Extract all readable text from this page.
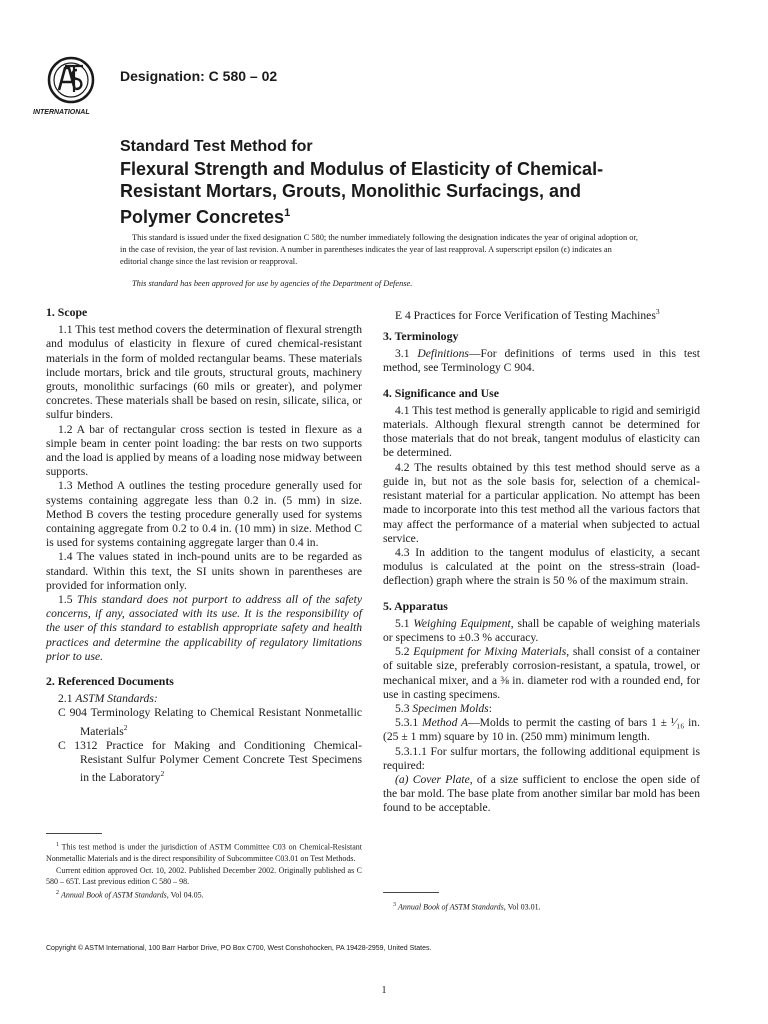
INTERNATIONAL
Designation: C 580 – 02
Standard Test Method for
Flexural Strength and Modulus of Elasticity of Chemical-
Resistant Mortars, Grouts, Monolithic Surfacings, and
Polymer Concretes$^1$

This standard is issued under the fixed designation C 580; the number immediately following the designation indicates the year of original adoption or, in the case of revision, the year of last revision. A number in parentheses indicates the year of last reapproval. A superscript epsilon (ϵ) indicates an editorial change since the last revision or reapproval.

This standard has been approved for use by agencies of the Department of Defense.

1. Scope

1.1 This test method covers the determination of flexural strength and modulus of elasticity in flexure of cured chemical-resistant materials in the form of molded rectangular beams. These materials include mortars, brick and tile grouts, structural grouts, machinery grouts, monolithic surfacings (60 mils or greater), and polymer concretes. These materials shall be based on resin, silicate, silica, or sulfur binders.

1.2 A bar of rectangular cross section is tested in flexure as a simple beam in center point loading: the bar rests on two supports and the load is applied by means of a loading nose midway between supports.

1.3 Method A outlines the testing procedure generally used for systems containing aggregate less than 0.2 in. (5 mm) in size. Method B covers the testing procedure generally used for systems containing aggregate from 0.2 to 0.4 in. (10 mm) in size. Method C is used for systems containing aggregate larger than 0.4 in.

1.4 The values stated in inch-pound units are to be regarded as standard. Within this text, the SI units shown in parentheses are provided for information only.

1.5 This standard does not purport to address all of the safety concerns, if any, associated with its use. It is the responsibility of the user of this standard to establish appropriate safety and health practices and determine the applicability of regulatory limitations prior to use.

2. Referenced Documents

2.1 ASTM Standards:

C 904 Terminology Relating to Chemical Resistant Nonmetallic Materials$^2$

C 1312 Practice for Making and Conditioning Chemical-Resistant Sulfur Polymer Cement Concrete Test Specimens in the Laboratory$^2$

E 4 Practices for Force Verification of Testing Machines$^3$

3. Terminology

3.1 Definitions—For definitions of terms used in this test method, see Terminology C 904.

4. Significance and Use

4.1 This test method is generally applicable to rigid and semirigid materials. Although flexural strength cannot be determined for those materials that do not break, tangent modulus of elasticity can be determined.

4.2 The results obtained by this test method should serve as a guide in, but not as the sole basis for, selection of a chemical-resistant material for a particular application. No attempt has been made to incorporate into this test method all the various factors that may affect the performance of a material when subjected to actual service.

4.3 In addition to the tangent modulus of elasticity, a secant modulus is calculated at the point on the stress-strain (load-deflection) graph where the strain is 50 % of the maximum strain.

5. Apparatus

5.1 Weighing Equipment, shall be capable of weighing materials or specimens to ±0.3 % accuracy.

5.2 Equipment for Mixing Materials, shall consist of a container of suitable size, preferably corrosion-resistant, a spatula, trowel, or mechanical mixer, and a ⅜ in. diameter rod with a rounded end, for use in casting specimens.

5.3 Specimen Molds:

5.3.1 Method A—Molds to permit the casting of bars 1 ± ¹⁄₁₆ in. (25 ± 1 mm) square by 10 in. (250 mm) minimum length.

5.3.1.1 For sulfur mortars, the following additional equipment is required:

(a) Cover Plate, of a size sufficient to enclose the open side of the bar mold. The base plate from another similar bar mold has been found to be acceptable.

$^1$ This test method is under the jurisdiction of ASTM Committee C03 on Chemical-Resistant Nonmetallic Materials and is the direct responsibility of Subcommittee C03.01 on Test Methods.

Current edition approved Oct. 10, 2002. Published December 2002. Originally published as C 580 – 65T. Last previous edition C 580 – 98.

$^2$ Annual Book of ASTM Standards, Vol 04.05.

$^3$ Annual Book of ASTM Standards, Vol 03.01.

Copyright © ASTM International, 100 Barr Harbor Drive, PO Box C700, West Conshohocken, PA 19428-2959, United States.
1
